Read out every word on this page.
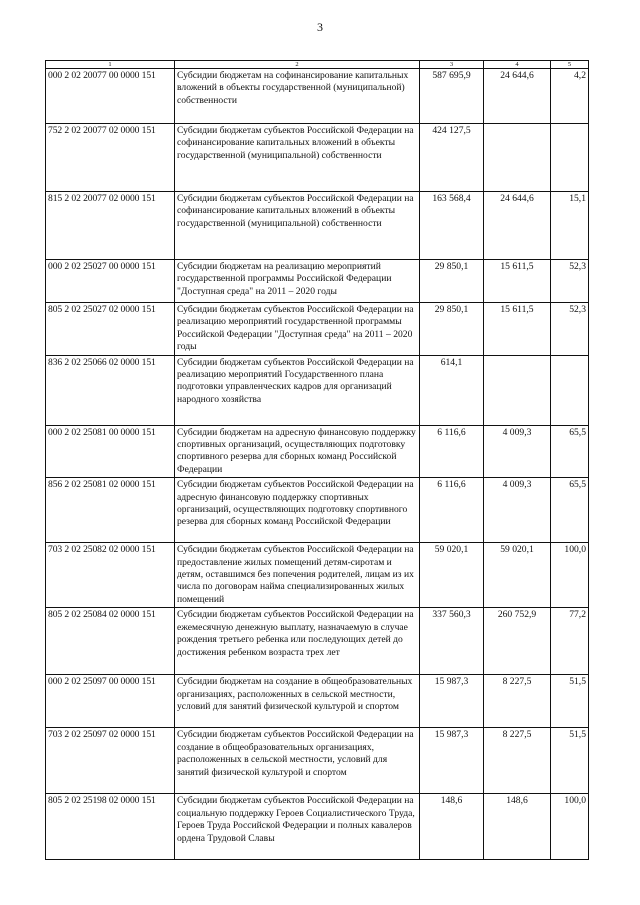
3
1	2	3	4	5
000 2 02 20077 00 0000 151	Субсидии бюджетам на софинансирование капитальных вложений в объекты государственной (муниципальной) собственности	587 695,9	24 644,6	4,2
752 2 02 20077 02 0000 151	Субсидии бюджетам субъектов Российской Федерации на софинансирование капитальных вложений в объекты государственной (муниципальной) собственности	424 127,5		
815 2 02 20077 02 0000 151	Субсидии бюджетам субъектов Российской Федерации на софинансирование капитальных вложений в объекты государственной (муниципальной) собственности	163 568,4	24 644,6	15,1
000 2 02 25027 00 0000 151	Субсидии бюджетам на реализацию мероприятий государственной программы Российской Федерации "Доступная среда" на 2011 – 2020 годы	29 850,1	15 611,5	52,3
805 2 02 25027 02 0000 151	Субсидии бюджетам субъектов Российской Федерации на реализацию мероприятий государственной программы Российской Федерации "Доступная среда" на 2011 – 2020 годы	29 850,1	15 611,5	52,3
836 2 02 25066 02 0000 151	Субсидии бюджетам субъектов Российской Федерации на реализацию мероприятий Государственного плана подготовки управленческих кадров для организаций народного хозяйства	614,1		
000 2 02 25081 00 0000 151	Субсидии бюджетам на адресную финансовую поддержку спортивных организаций, осуществляющих подготовку спортивного резерва для сборных команд Российской Федерации	6 116,6	4 009,3	65,5
856 2 02 25081 02 0000 151	Субсидии бюджетам субъектов Российской Федерации на адресную финансовую поддержку спортивных организаций, осуществляющих подготовку спортивного резерва для сборных команд Российской Федерации	6 116,6	4 009,3	65,5
703 2 02 25082 02 0000 151	Субсидии бюджетам субъектов Российской Федерации на предоставление жилых помещений детям-сиротам и детям, оставшимся без попечения родителей, лицам из их числа по договорам найма специализированных жилых помещений	59 020,1	59 020,1	100,0
805 2 02 25084 02 0000 151	Субсидии бюджетам субъектов Российской Федерации на ежемесячную денежную выплату, назначаемую в случае рождения третьего ребенка или последующих детей до достижения ребенком возраста трех лет	337 560,3	260 752,9	77,2
000 2 02 25097 00 0000 151	Субсидии бюджетам на создание в общеобразовательных организациях, расположенных в сельской местности, условий для занятий физической культурой и спортом	15 987,3	8 227,5	51,5
703 2 02 25097 02 0000 151	Субсидии бюджетам субъектов Российской Федерации на создание в общеобразовательных организациях, расположенных в сельской местности, условий для занятий физической культурой и спортом	15 987,3	8 227,5	51,5
805 2 02 25198 02 0000 151	Субсидии бюджетам субъектов Российской Федерации на социальную поддержку Героев Социалистического Труда, Героев Труда Российской Федерации и полных кавалеров ордена Трудовой Славы	148,6	148,6	100,0
